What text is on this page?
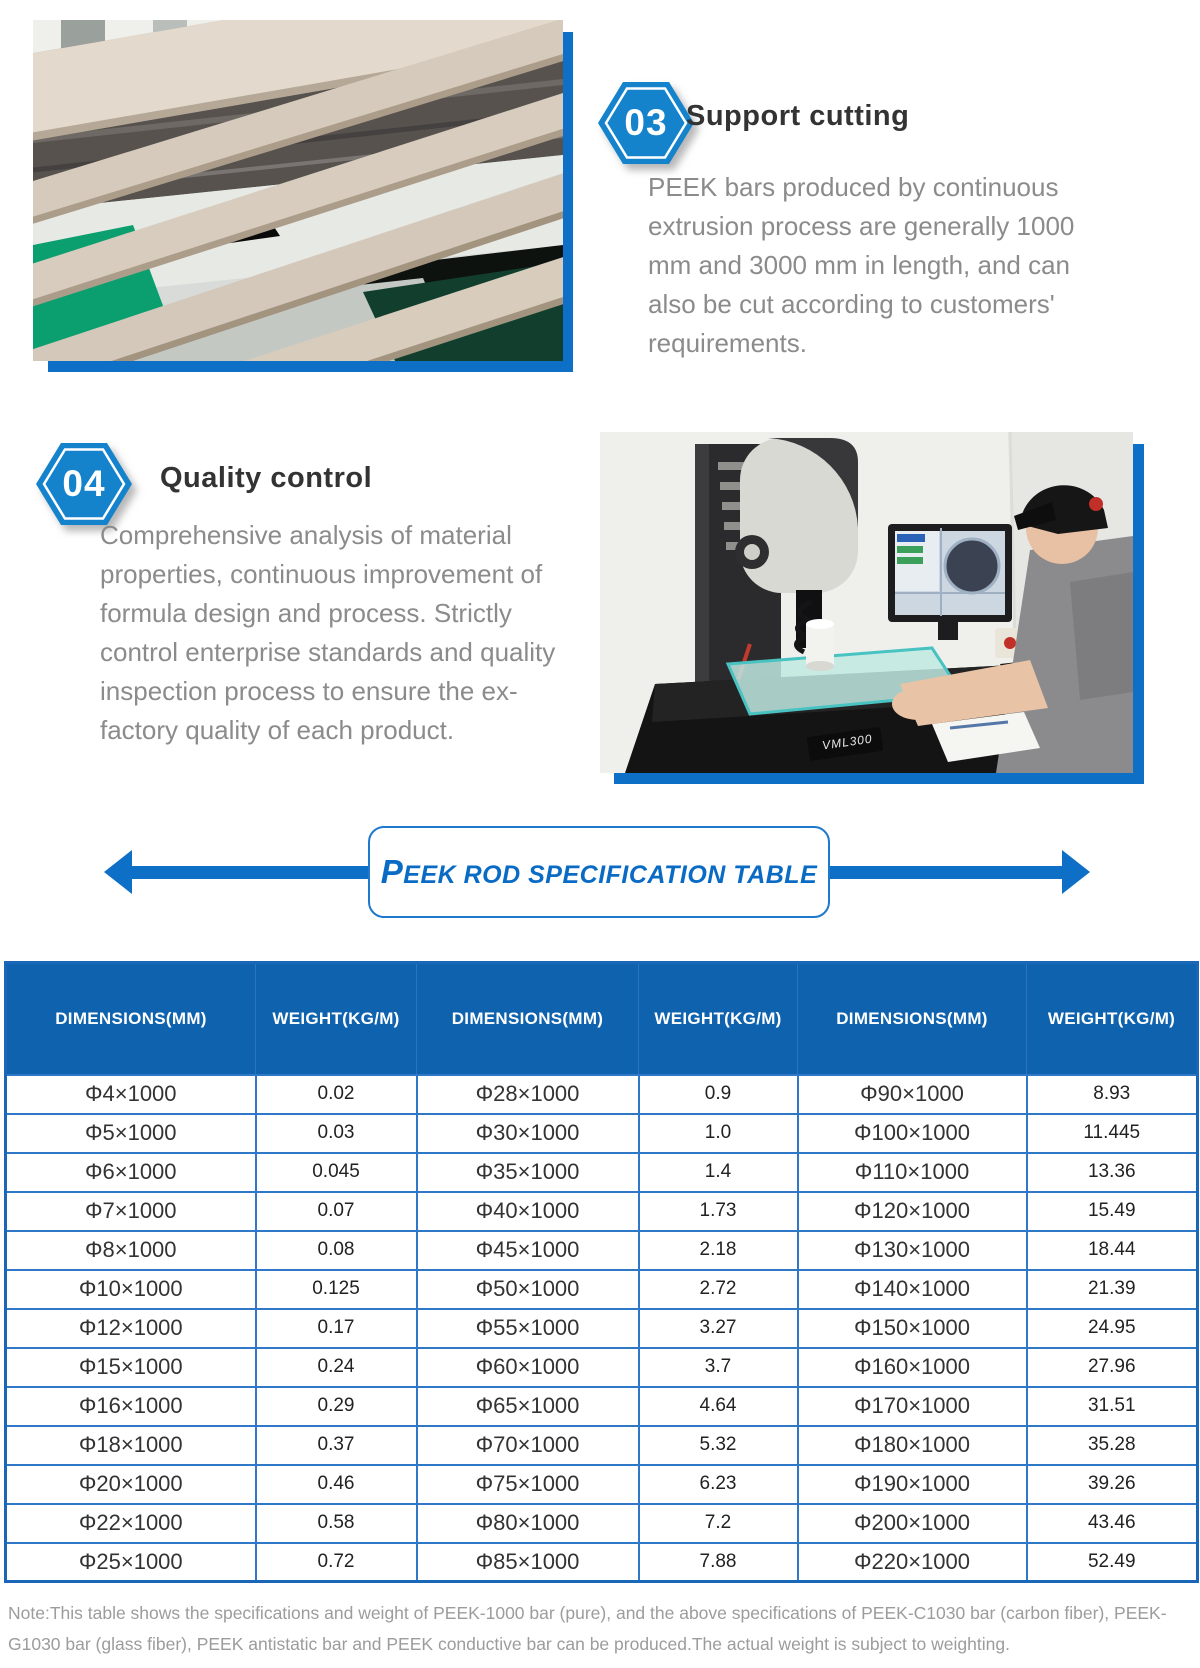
03 Support cutting
PEEK bars produced by continuous extrusion process are generally 1000 mm and 3000 mm in length, and can also be cut according to customers' requirements.
04	Quality control
Comprehensive analysis of material properties, continuous improvement of formula design and process. Strictly control enterprise standards and quality inspection process to ensure the ex-factory quality of each product.	VML300
PEEK ROD SPECIFICATION TABLE
DIMENSIONS(MM)	WEIGHT(KG/M)	DIMENSIONS(MM)	WEIGHT(KG/M)	DIMENSIONS(MM)	WEIGHT(KG/M)
Φ4×1000	0.02	Φ28×1000	0.9	Φ90×1000	8.93
Φ5×1000	0.03	Φ30×1000	1.0	Φ100×1000	11.445
Φ6×1000	0.045	Φ35×1000	1.4	Φ110×1000	13.36
Φ7×1000	0.07	Φ40×1000	1.73	Φ120×1000	15.49
Φ8×1000	0.08	Φ45×1000	2.18	Φ130×1000	18.44
Φ10×1000	0.125	Φ50×1000	2.72	Φ140×1000	21.39
Φ12×1000	0.17	Φ55×1000	3.27	Φ150×1000	24.95
Φ15×1000	0.24	Φ60×1000	3.7	Φ160×1000	27.96
Φ16×1000	0.29	Φ65×1000	4.64	Φ170×1000	31.51
Φ18×1000	0.37	Φ70×1000	5.32	Φ180×1000	35.28
Φ20×1000	0.46	Φ75×1000	6.23	Φ190×1000	39.26
Φ22×1000	0.58	Φ80×1000	7.2	Φ200×1000	43.46
Φ25×1000	0.72	Φ85×1000	7.88	Φ220×1000	52.49
Note:This table shows the specifications and weight of PEEK-1000 bar (pure), and the above specifications of PEEK-C1030 bar (carbon fiber), PEEK-G1030 bar (glass fiber), PEEK antistatic bar and PEEK conductive bar can be produced.The actual weight is subject to weighting.
